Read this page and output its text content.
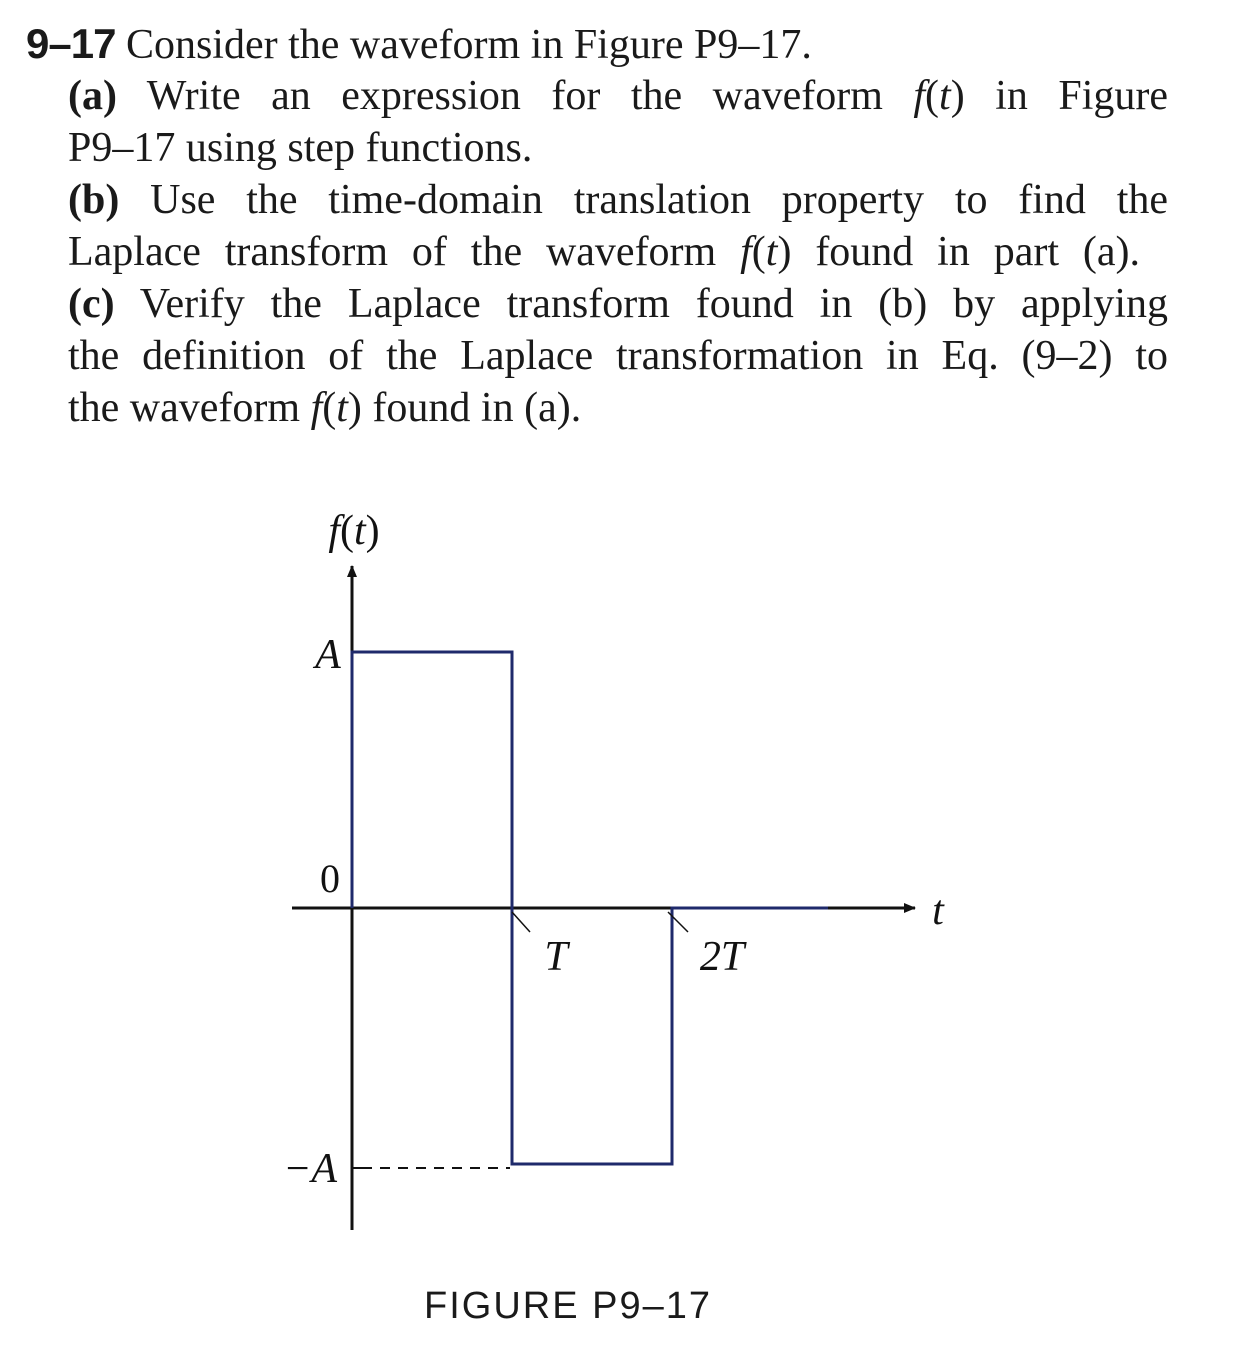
9–17 Consider the waveform in Figure P9–17.
(a) Write an expression for the waveform f(t) in Figure
P9–17 using step functions.
(b) Use the time-domain translation property to find the
Laplace transform of the waveform f(t) found in part (a).
(c) Verify the Laplace transform found in (b) by applying
the definition of the Laplace transformation in Eq. (9–2) to
the waveform f(t) found in (a).
f(t)
A
0
−A
T	2T
t
FIGURE P9–17
